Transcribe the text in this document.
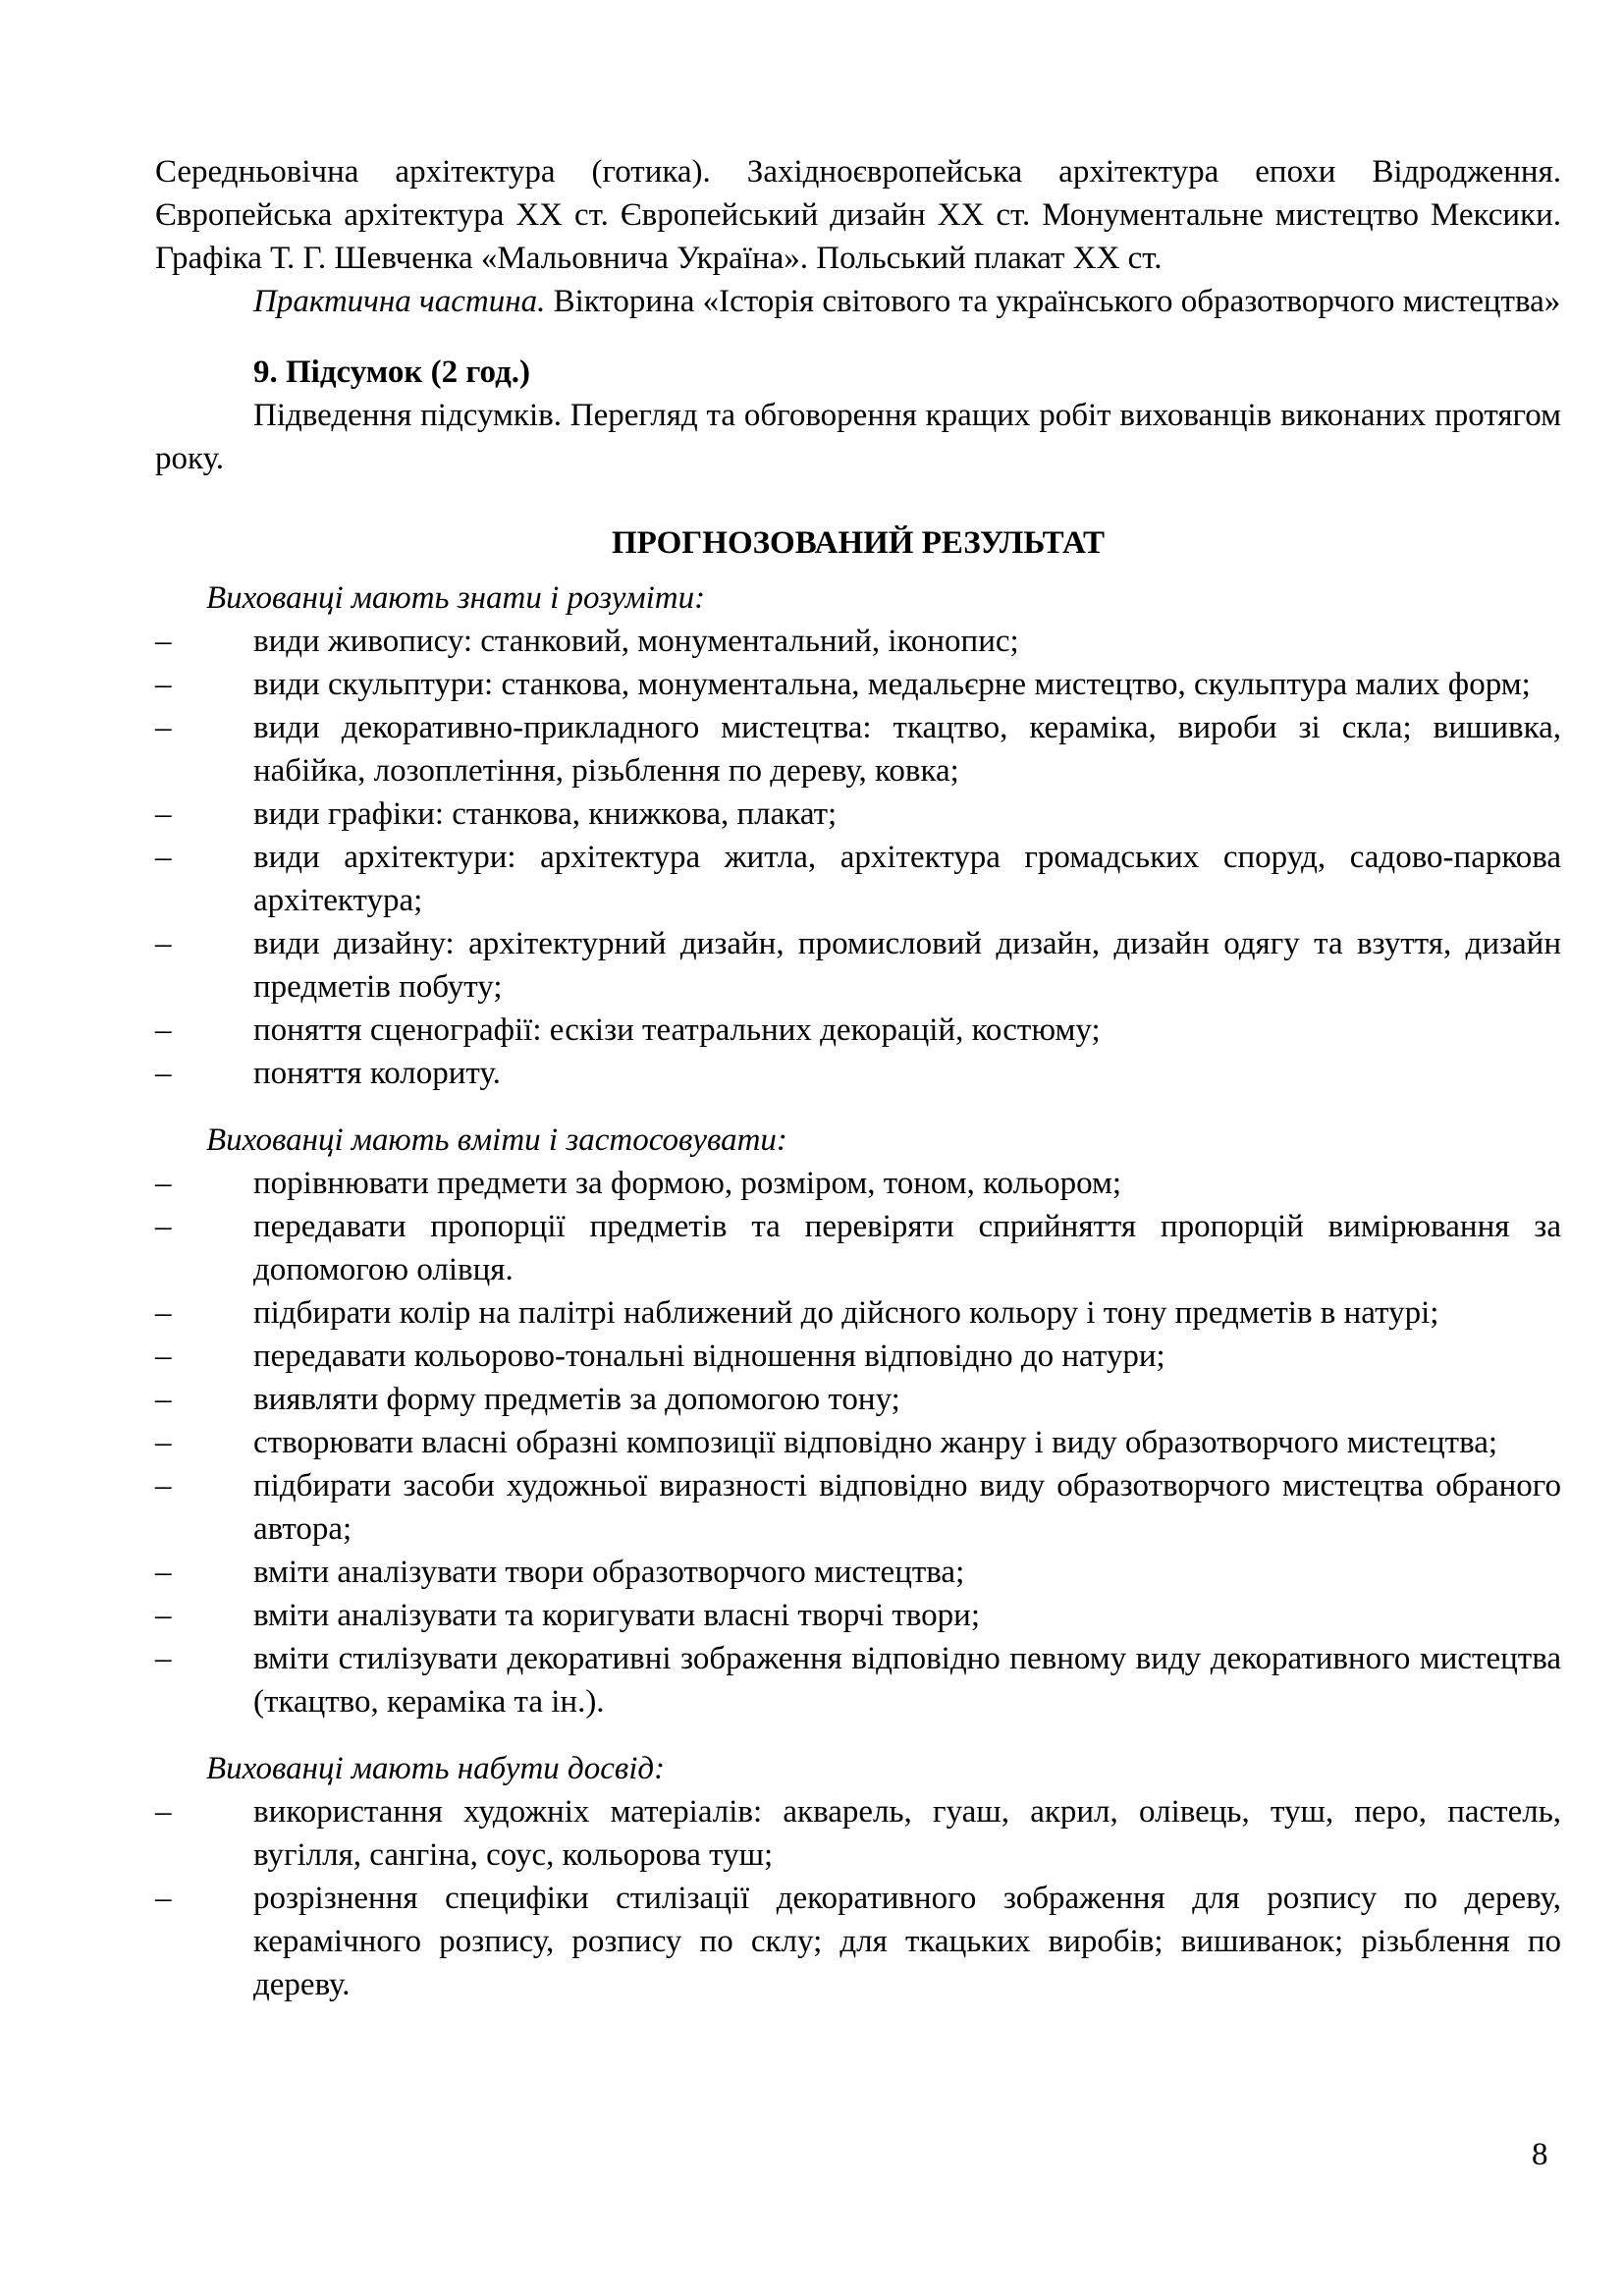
Середньовічна архітектура (готика). Західноєвропейська архітектура епохи Відродження. Європейська архітектура XX ст. Європейський дизайн XX ст. Монументальне мистецтво Мексики. Графіка Т. Г. Шевченка «Мальовнича Україна». Польський плакат XX ст.

Практична частина. Вікторина «Історія світового та українського образотворчого мистецтва»

9. Підсумок (2 год.)

Підведення підсумків. Перегляд та обговорення кращих робіт вихованців виконаних протягом року.

ПРОГНОЗОВАНИЙ РЕЗУЛЬТАТ

Вихованці мають знати і розуміти:

–	види живопису: станковий, монументальний, іконопис;
–	види скульптури: станкова, монументальна, медальєрне мистецтво, скульптура малих форм;
–	види декоративно-прикладного мистецтва: ткацтво, кераміка, вироби зі скла; вишивка, набійка, лозоплетіння, різьблення по дереву, ковка;
–	види графіки: станкова, книжкова, плакат;
–	види архітектури: архітектура житла, архітектура громадських споруд, садово-паркова архітектура;
–	види дизайну: архітектурний дизайн, промисловий дизайн, дизайн одягу та взуття, дизайн предметів побуту;
–	поняття сценографії: ескізи театральних декорацій, костюму;
–	поняття колориту.

Вихованці мають вміти і застосовувати:

–	порівнювати предмети за формою, розміром, тоном, кольором;
–	передавати пропорції предметів та перевіряти сприйняття пропорцій вимірювання за допомогою олівця.
–	підбирати колір на палітрі наближений до дійсного кольору і тону предметів в натурі;
–	передавати кольорово-тональні відношення відповідно до натури;
–	виявляти форму предметів за допомогою тону;
–	створювати власні образні композиції відповідно жанру і виду образотворчого мистецтва;
–	підбирати засоби художньої виразності відповідно виду образотворчого мистецтва обраного автора;
–	вміти аналізувати твори образотворчого мистецтва;
–	вміти аналізувати та коригувати власні творчі твори;
–	вміти стилізувати декоративні зображення відповідно певному виду декоративного мистецтва (ткацтво, кераміка та ін.).

Вихованці мають набути досвід:

–	використання художніх матеріалів: акварель, гуаш, акрил, олівець, туш, перо, пастель, вугілля, сангіна, соус, кольорова туш;
–	розрізнення специфіки стилізації декоративного зображення для розпису по дереву, керамічного розпису, розпису по склу; для ткацьких виробів; вишиванок; різьблення по дереву.
8
